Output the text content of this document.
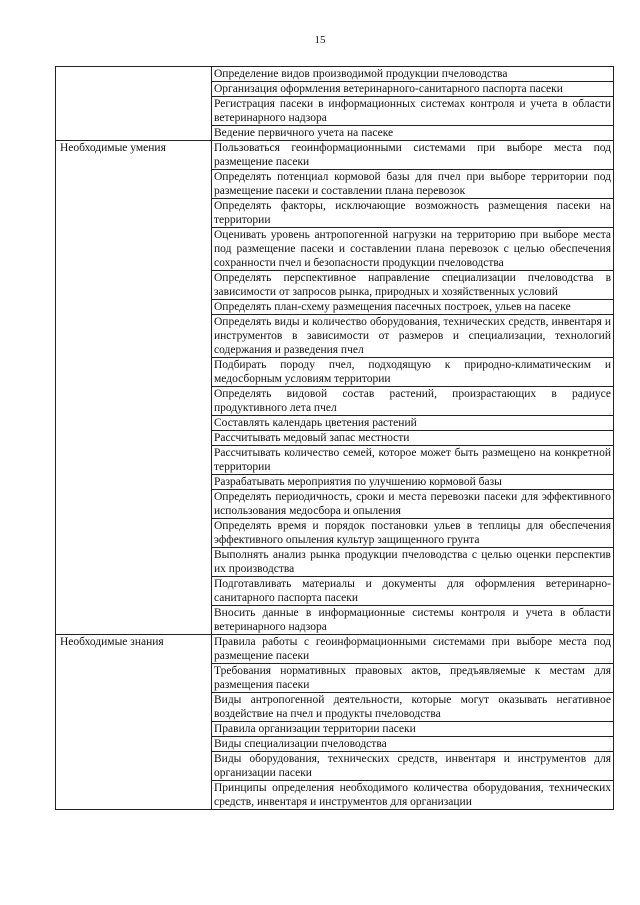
15
	Определение видов производимой продукции пчеловодства
	Организация оформления ветеринарного-санитарного паспорта пасеки
	Регистрация пасеки в информационных системах контроля и учета в области ветеринарного надзора
	Ведение первичного учета на пасеке
Необходимые умения	Пользоваться геоинформационными системами при выборе места под размещение пасеки
	Определять потенциал кормовой базы для пчел при выборе территории под размещение пасеки и составлении плана перевозок
	Определять факторы, исключающие возможность размещения пасеки на территории
	Оценивать уровень антропогенной нагрузки на территорию при выборе места под размещение пасеки и составлении плана перевозок с целью обеспечения сохранности пчел и безопасности продукции пчеловодства
	Определять перспективное направление специализации пчеловодства в зависимости от запросов рынка, природных и хозяйственных условий
	Определять план-схему размещения пасечных построек, ульев на пасеке
	Определять виды и количество оборудования, технических средств, инвентаря и инструментов в зависимости от размеров и специализации, технологий содержания и разведения пчел
	Подбирать породу пчел, подходящую к природно-климатическим и медосборным условиям территории
	Определять видовой состав растений, произрастающих в радиусе продуктивного лета пчел
	Составлять календарь цветения растений
	Рассчитывать медовый запас местности
	Рассчитывать количество семей, которое может быть размещено на конкретной территории
	Разрабатывать мероприятия по улучшению кормовой базы
	Определять периодичность, сроки и места перевозки пасеки для эффективного использования медосбора и опыления
	Определять время и порядок постановки ульев в теплицы для обеспечения эффективного опыления культур защищенного грунта
	Выполнять анализ рынка продукции пчеловодства с целью оценки перспектив их производства
	Подготавливать материалы и документы для оформления ветеринарно-санитарного паспорта пасеки
	Вносить данные в информационные системы контроля и учета в области ветеринарного надзора
Необходимые знания	Правила работы с геоинформационными системами при выборе места под размещение пасеки
	Требования нормативных правовых актов, предъявляемые к местам для размещения пасеки
	Виды антропогенной деятельности, которые могут оказывать негативное воздействие на пчел и продукты пчеловодства
	Правила организации территории пасеки
	Виды специализации пчеловодства
	Виды оборудования, технических средств, инвентаря и инструментов для организации пасеки
	Принципы определения необходимого количества оборудования, технических средств, инвентаря и инструментов для организации
